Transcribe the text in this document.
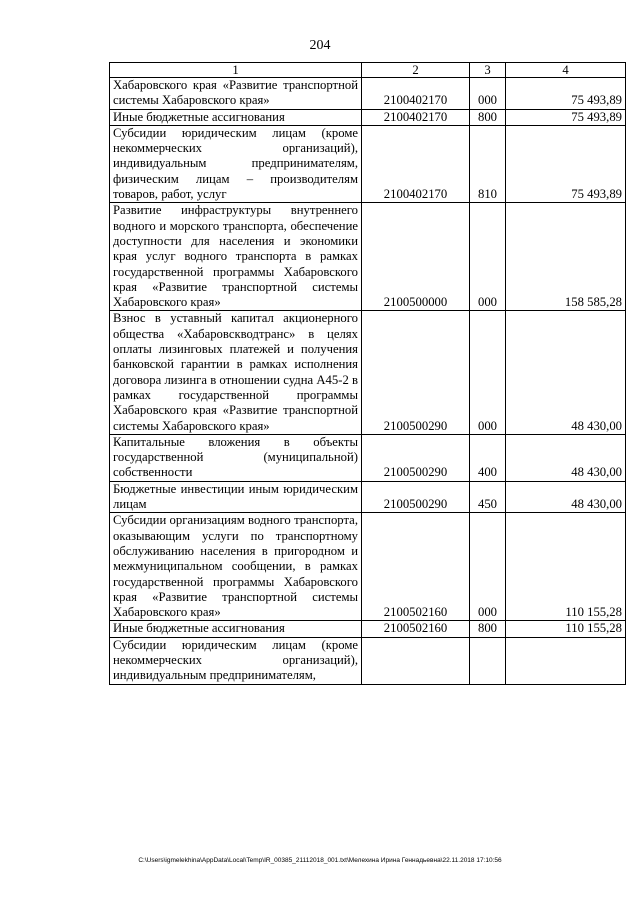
204
1	2	3	4
Хабаровского края «Развитие транспортной системы Хабаровского края»	2100402170	000	75 493,89
Иные бюджетные ассигнования	2100402170	800	75 493,89
Субсидии юридическим лицам (кроме некоммерческих организаций), индивидуальным предпринимателям, физическим лицам – производителям товаров, работ, услуг	2100402170	810	75 493,89
Развитие инфраструктуры внутреннего водного и морского транспорта, обеспечение доступности для населения и экономики края услуг водного транспорта в рамках государственной программы Хабаровского края «Развитие транспортной системы Хабаровского края»	2100500000	000	158 585,28
Взнос в уставный капитал акционерного общества «Хабаровскводтранс» в целях оплаты лизинговых платежей и получения банковской гарантии в рамках исполнения договора лизинга в отношении судна А45-2 в рамках государственной программы Хабаровского края «Развитие транспортной системы Хабаровского края»	2100500290	000	48 430,00
Капитальные вложения в объекты государственной (муниципальной) собственности	2100500290	400	48 430,00
Бюджетные инвестиции иным юридическим лицам	2100500290	450	48 430,00
Субсидии организациям водного транспорта, оказывающим услуги по транспортному обслуживанию населения в пригородном и межмуниципальном сообщении, в рамках государственной программы Хабаровского края «Развитие транспортной системы Хабаровского края»	2100502160	000	110 155,28
Иные бюджетные ассигнования	2100502160	800	110 155,28
Субсидии юридическим лицам (кроме некоммерческих организаций), индивидуальным предпринимателям,			
C:\Users\igmelekhina\AppData\Local\Temp\IR_00385_21112018_001.txt\Мелехина Ирина Геннадьевна\22.11.2018 17:10:56
